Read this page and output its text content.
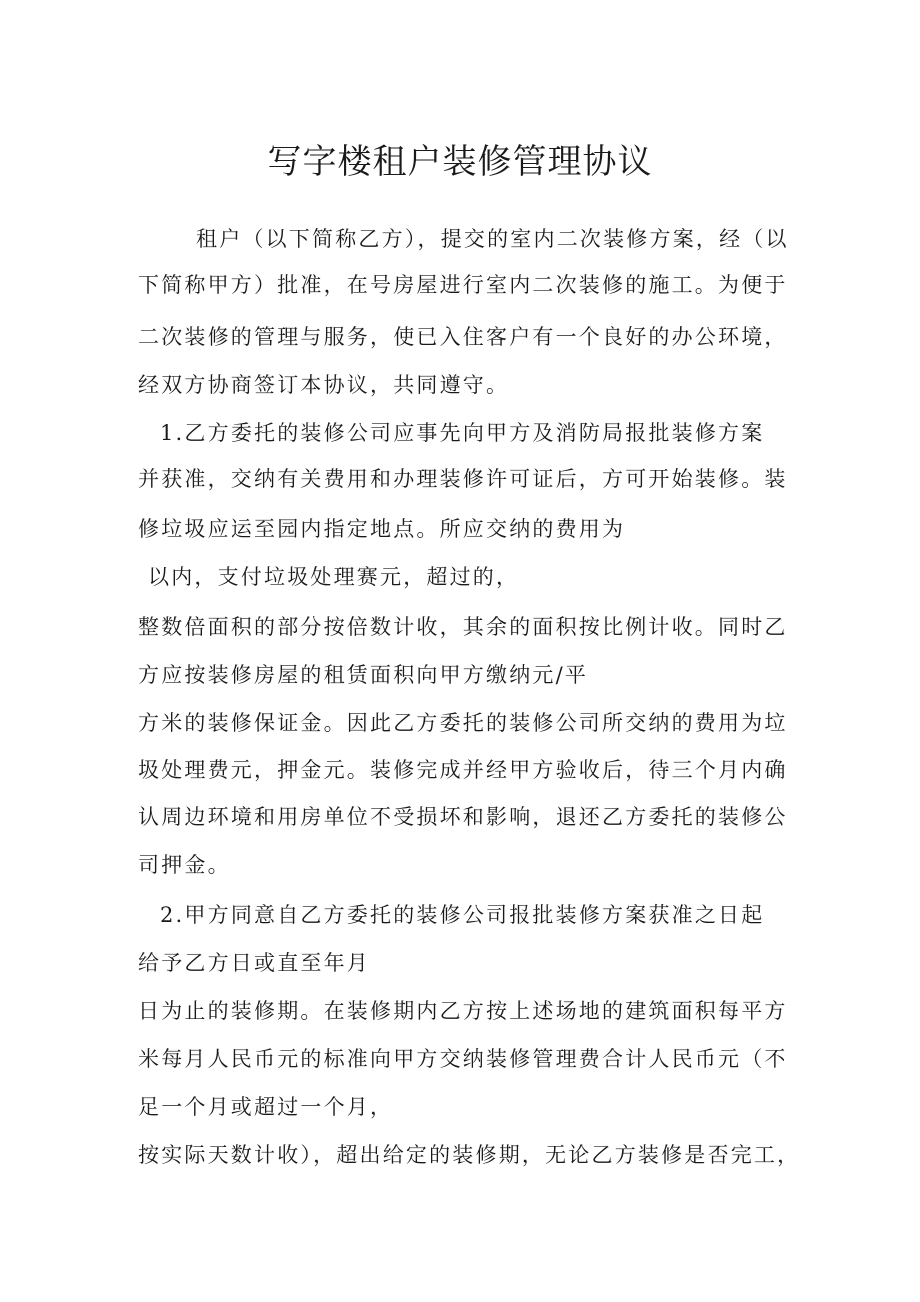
写字楼租户装修管理协议
租户（以下简称乙方），提交的室内二次装修方案，经（以
下简称甲方）批准，在号房屋进行室内二次装修的施工。为便于
二次装修的管理与服务，使已入住客户有一个良好的办公环境，
经双方协商签订本协议，共同遵守。
1.乙方委托的装修公司应事先向甲方及消防局报批装修方案
并获准，交纳有关费用和办理装修许可证后，方可开始装修。装
修垃圾应运至园内指定地点。所应交纳的费用为
以内，支付垃圾处理赛元，超过的，
整数倍面积的部分按倍数计收，其余的面积按比例计收。同时乙
方应按装修房屋的租赁面积向甲方缴纳元/平
方米的装修保证金。因此乙方委托的装修公司所交纳的费用为垃
圾处理费元，押金元。装修完成并经甲方验收后，待三个月内确
认周边环境和用房单位不受损坏和影响，退还乙方委托的装修公
司押金。
2.甲方同意自乙方委托的装修公司报批装修方案获准之日起
给予乙方日或直至年月
日为止的装修期。在装修期内乙方按上述场地的建筑面积每平方
米每月人民币元的标准向甲方交纳装修管理费合计人民币元（不
足一个月或超过一个月，
按实际天数计收），超出给定的装修期，无论乙方装修是否完工，
